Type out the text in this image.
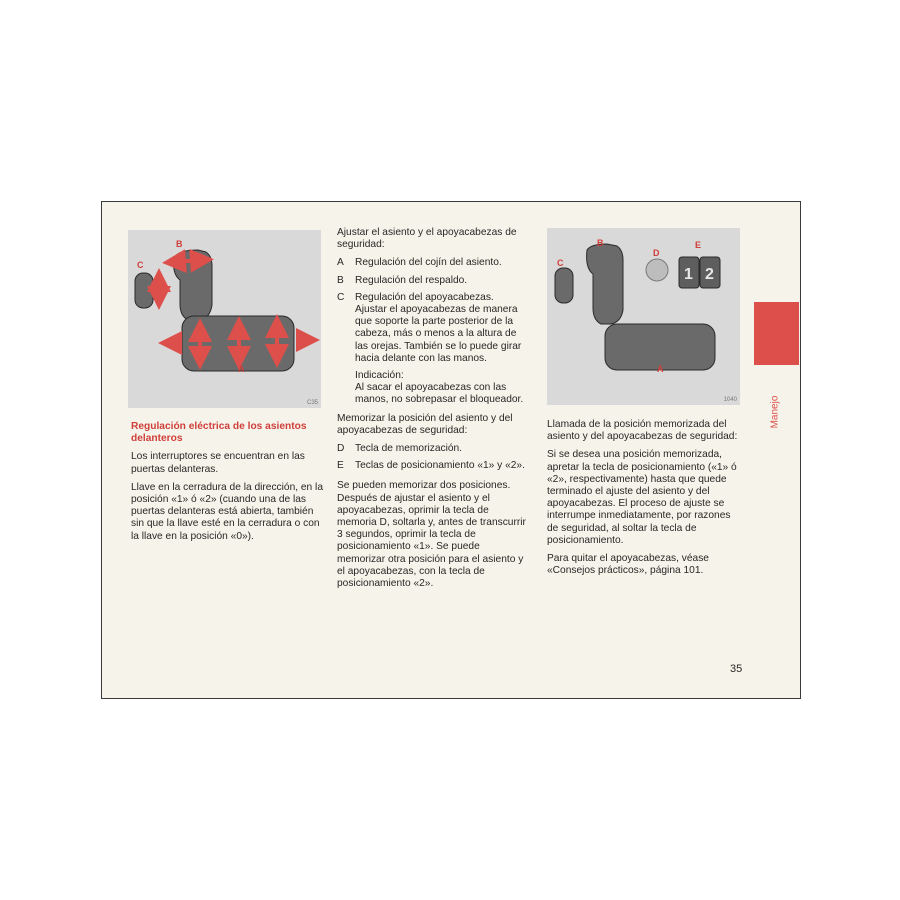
B
C
A
C35
1 2
B
C
D
E
A
1040
Regulación eléctrica de los asientos delanteros

Los interruptores se encuentran en las puertas delanteras.

Llave en la cerradura de la dirección, en la posición «1» ó «2» (cuando una de las puertas delanteras está abierta, también sin que la llave esté en la cerradura o con la llave en la posición «0»).

Ajustar el asiento y el apoyacabezas de seguridad:

A	Regulación del cojín del asiento.
B	Regulación del respaldo.
C	Regulación del apoyacabezas. Ajustar el apoyacabezas de manera que soporte la parte posterior de la cabeza, más o menos a la altura de las orejas. También se lo puede girar hacia delante con las manos.
Indicación:
Al sacar el apoyacabezas con las manos, no sobrepasar el bloqueador.

Memorizar la posición del asiento y del apoyacabezas de seguridad:

D	Tecla de memorización.
E	Teclas de posicionamiento «1» y «2».

Se pueden memorizar dos posiciones. Después de ajustar el asiento y el apoyacabezas, oprimir la tecla de memoria D, soltarla y, antes de transcurrir 3 segundos, oprimir la tecla de posicionamiento «1». Se puede memorizar otra posición para el asiento y el apoyacabezas, con la tecla de posicionamiento «2».

Llamada de la posición memorizada del asiento y del apoyacabezas de seguridad:

Si se desea una posición memorizada, apretar la tecla de posicionamiento («1» ó «2», respectivamente) hasta que quede terminado el ajuste del asiento y del apoyacabezas. El proceso de ajuste se interrumpe inmediatamente, por razones de seguridad, al soltar la tecla de posicionamiento.

Para quitar el apoyacabezas, véase «Consejos prácticos», página 101.

Manejo
35
